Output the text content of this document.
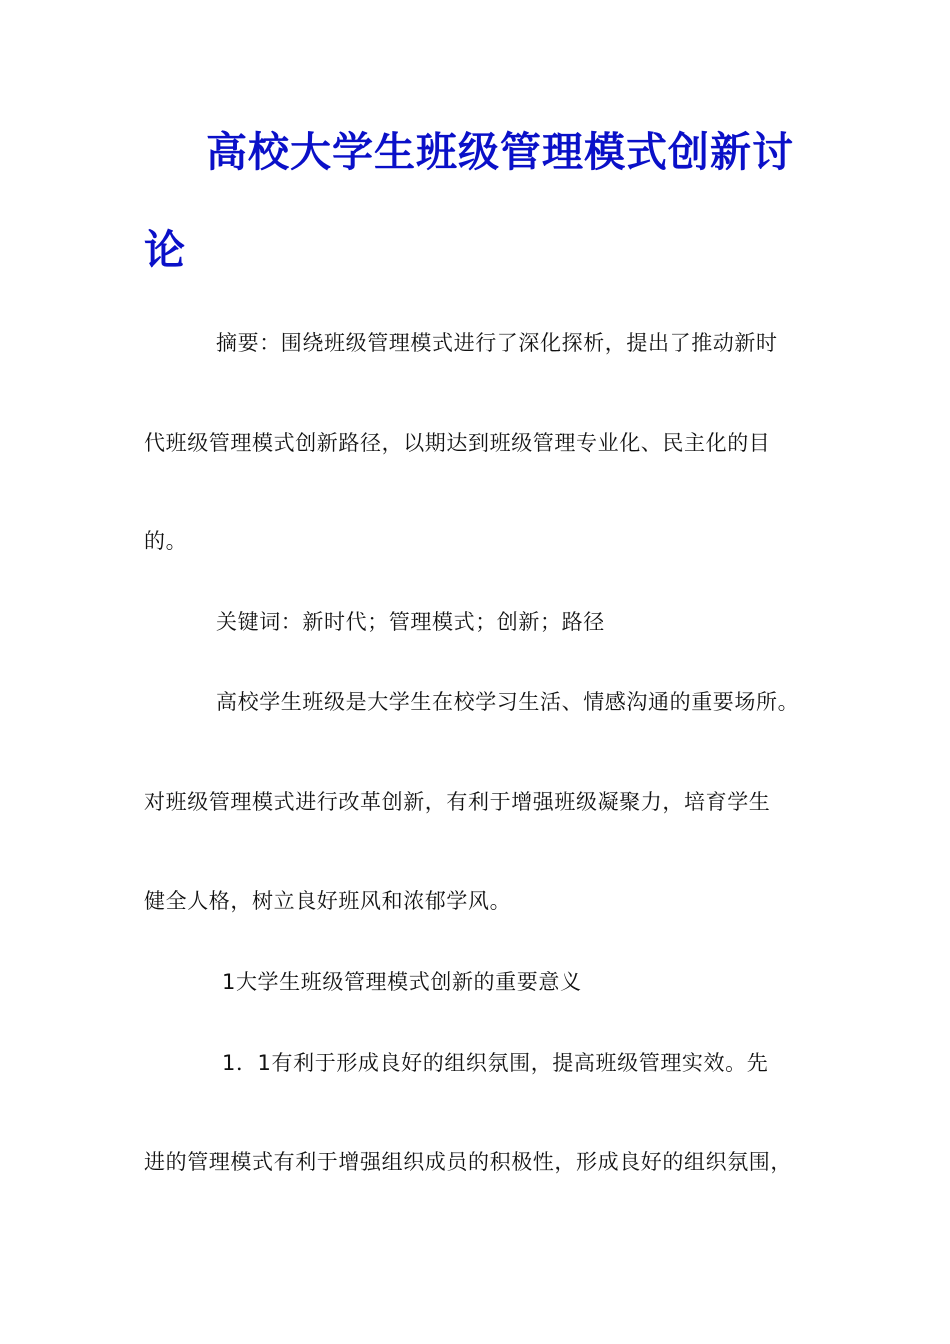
高校大学生班级管理模式创新讨
论
摘要：围绕班级管理模式进行了深化探析，提出了推动新时
代班级管理模式创新路径，以期达到班级管理专业化、民主化的目
的。
关键词：新时代；管理模式；创新；路径
高校学生班级是大学生在校学习生活、情感沟通的重要场所。
对班级管理模式进行改革创新，有利于增强班级凝聚力，培育学生
健全人格，树立良好班风和浓郁学风。
1大学生班级管理模式创新的重要意义
1．1有利于形成良好的组织氛围，提高班级管理实效。先
进的管理模式有利于增强组织成员的积极性，形成良好的组织氛围，
